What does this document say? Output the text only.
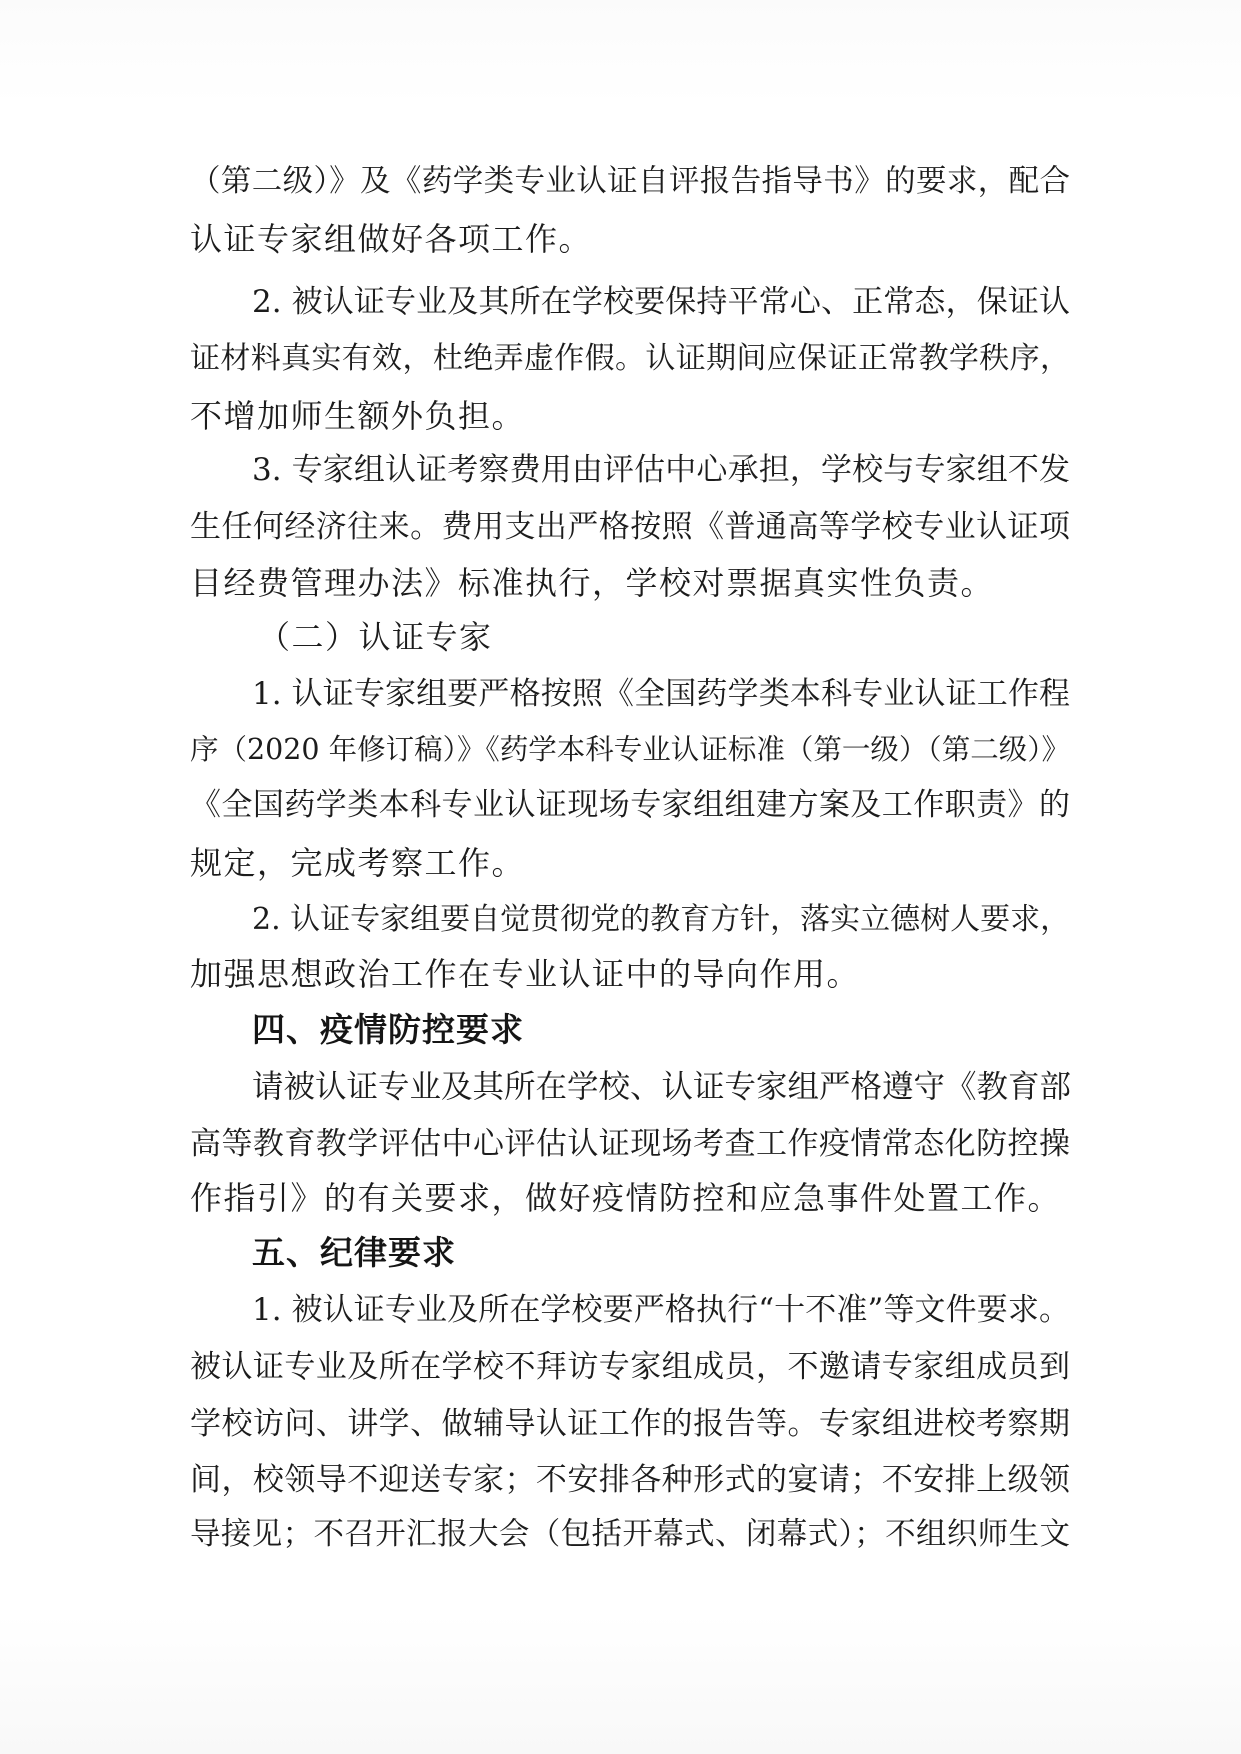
（第二级）》及《药学类专业认证自评报告指导书》的要求，配合
认证专家组做好各项工作。
2. 被认证专业及其所在学校要保持平常心、正常态，保证认
证材料真实有效，杜绝弄虚作假。认证期间应保证正常教学秩序，
不增加师生额外负担。
3. 专家组认证考察费用由评估中心承担，学校与专家组不发
生任何经济往来。费用支出严格按照《普通高等学校专业认证项
目经费管理办法》标准执行，学校对票据真实性负责。
（二）认证专家
1. 认证专家组要严格按照《全国药学类本科专业认证工作程
序（2020 年修订稿）》《药学本科专业认证标准（第一级）（第二级）》
《全国药学类本科专业认证现场专家组组建方案及工作职责》的
规定，完成考察工作。
2. 认证专家组要自觉贯彻党的教育方针，落实立德树人要求，
加强思想政治工作在专业认证中的导向作用。
四、疫情防控要求
请被认证专业及其所在学校、认证专家组严格遵守《教育部
高等教育教学评估中心评估认证现场考查工作疫情常态化防控操
作指引》的有关要求，做好疫情防控和应急事件处置工作。
五、纪律要求
1. 被认证专业及所在学校要严格执行“十不准”等文件要求。
被认证专业及所在学校不拜访专家组成员，不邀请专家组成员到
学校访问、讲学、做辅导认证工作的报告等。专家组进校考察期
间，校领导不迎送专家；不安排各种形式的宴请；不安排上级领
导接见；不召开汇报大会（包括开幕式、闭幕式）；不组织师生文
